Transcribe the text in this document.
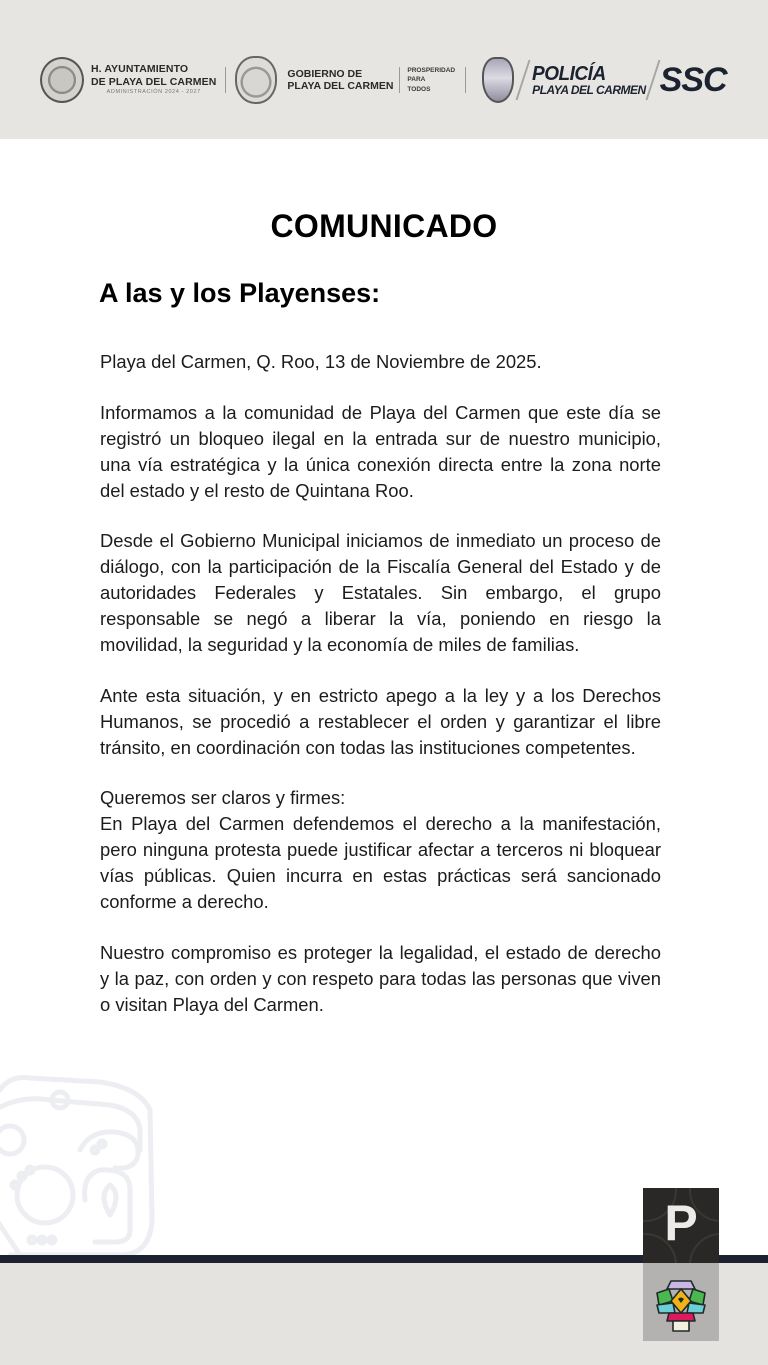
H. AYUNTAMIENTO
DE PLAYA DEL CARMEN
ADMINISTRACIÓN 2024 - 2027
GOBIERNO DE
PLAYA DEL CARMEN
PROSPERIDAD
PARA
TODOS
POLICÍA
PLAYA DEL CARMEN SSC
COMUNICADO
A las y los Playenses:

Playa del Carmen, Q. Roo, 13 de Noviembre de 2025.

Informamos a la comunidad de Playa del Carmen que este día se registró un bloqueo ilegal en la entrada sur de nuestro municipio, una vía estratégica y la única conexión directa entre la zona norte del estado y el resto de Quintana Roo.

Desde el Gobierno Municipal iniciamos de inmediato un proceso de diálogo, con la participación de la Fiscalía General del Estado y de autoridades Federales y Estatales. Sin embargo, el grupo responsable se negó a liberar la vía, poniendo en riesgo la movilidad, la seguridad y la economía de miles de familias.

Ante esta situación, y en estricto apego a la ley y a los Derechos Humanos, se procedió a restablecer el orden y garantizar el libre tránsito, en coordinación con todas las instituciones competentes.

Queremos ser claros y firmes:

En Playa del Carmen defendemos el derecho a la manifestación, pero ninguna protesta puede justificar afectar a terceros ni bloquear vías públicas. Quien incurra en estas prácticas será sancionado conforme a derecho.

Nuestro compromiso es proteger la legalidad, el estado de derecho y la paz, con orden y con respeto para todas las personas que viven o visitan Playa del Carmen.

P
